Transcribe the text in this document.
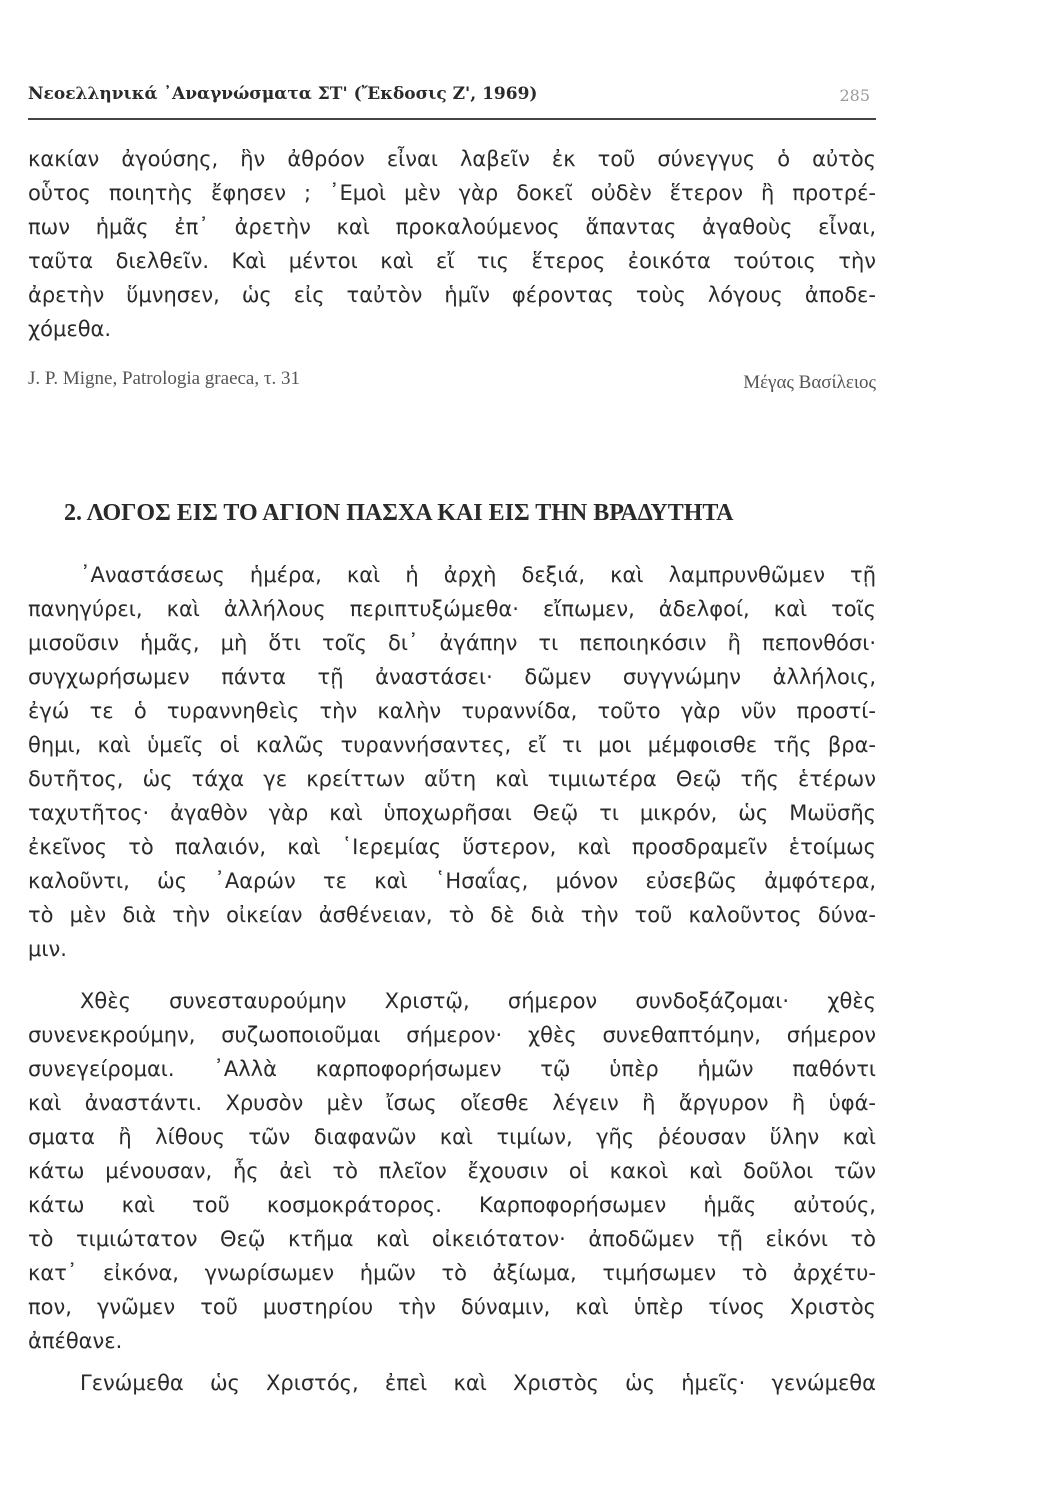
Νεοελληνικά ᾿Αναγνώσματα ΣΤ' (Ἔκδοσις Ζ', 1969)	285
κακίαν ἀγούσης, ἣν ἀθρόον εἶναι λαβεῖν ἐκ τοῦ σύνεγγυς ὁ αὐτὸς
οὗτος ποιητὴς ἔφησεν ; ᾿Εμοὶ μὲν γὰρ δοκεῖ οὐδὲν ἕτερον ἢ προτρέ-
πων ἡμᾶς ἐπ᾿ ἀρετὴν καὶ προκαλούμενος ἅπαντας ἀγαθοὺς εἶναι,
ταῦτα διελθεῖν. Καὶ μέντοι καὶ εἴ τις ἕτερος ἐοικότα τούτοις τὴν
ἀρετὴν ὕμνησεν, ὡς εἰς ταὐτὸν ἡμῖν φέροντας τοὺς λόγους ἀποδε-
χόμεθα.
J. P. Migne, Patrologia graeca, τ. 31	Μέγας Βασίλειος
2. ΛΟΓΟΣ ΕΙΣ ΤΟ ΑΓΙΟΝ ΠΑΣΧΑ ΚΑΙ ΕΙΣ ΤΗΝ ΒΡΑΔΥΤΗΤΑ
᾿Αναστάσεως ἡμέρα, καὶ ἡ ἀρχὴ δεξιά, καὶ λαμπρυνθῶμεν τῇ
πανηγύρει, καὶ ἀλλήλους περιπτυξώμεθα· εἴπωμεν, ἀδελφοί, καὶ τοῖς
μισοῦσιν ἡμᾶς, μὴ ὅτι τοῖς δι᾿ ἀγάπην τι πεποιηκόσιν ἢ πεπονθόσι·
συγχωρήσωμεν πάντα τῇ ἀναστάσει· δῶμεν συγγνώμην ἀλλήλοις,
ἐγώ τε ὁ τυραννηθεὶς τὴν καλὴν τυραννίδα, τοῦτο γὰρ νῦν προστί-
θημι, καὶ ὑμεῖς οἱ καλῶς τυραννήσαντες, εἴ τι μοι μέμφοισθε τῆς βρα-
δυτῆτος, ὡς τάχα γε κρείττων αὕτη καὶ τιμιωτέρα Θεῷ τῆς ἑτέρων
ταχυτῆτος· ἀγαθὸν γὰρ καὶ ὑποχωρῆσαι Θεῷ τι μικρόν, ὡς Μωϋσῆς
ἐκεῖνος τὸ παλαιόν, καὶ ῾Ιερεμίας ὕστερον, καὶ προσδραμεῖν ἑτοίμως
καλοῦντι, ὡς ᾿Ααρών τε καὶ ῾Ησαΐας, μόνον εὐσεβῶς ἀμφότερα,
τὸ μὲν διὰ τὴν οἰκείαν ἀσθένειαν, τὸ δὲ διὰ τὴν τοῦ καλοῦντος δύνα-
μιν.
Χθὲς συνεσταυρούμην Χριστῷ, σήμερον συνδοξάζομαι· χθὲς
συνενεκρούμην, συζωοποιοῦμαι σήμερον· χθὲς συνεθαπτόμην, σήμερον
συνεγείρομαι. ᾿Αλλὰ καρποφορήσωμεν τῷ ὑπὲρ ἡμῶν παθόντι
καὶ ἀναστάντι. Χρυσὸν μὲν ἴσως οἴεσθε λέγειν ἢ ἄργυρον ἢ ὑφά-
σματα ἢ λίθους τῶν διαφανῶν καὶ τιμίων, γῆς ῥέουσαν ὕλην καὶ
κάτω μένουσαν, ἧς ἀεὶ τὸ πλεῖον ἔχουσιν οἱ κακοὶ καὶ δοῦλοι τῶν
κάτω καὶ τοῦ κοσμοκράτορος. Καρποφορήσωμεν ἡμᾶς αὐτούς,
τὸ τιμιώτατον Θεῷ κτῆμα καὶ οἰκειότατον· ἀποδῶμεν τῇ εἰκόνι τὸ
κατ᾿ εἰκόνα, γνωρίσωμεν ἡμῶν τὸ ἀξίωμα, τιμήσωμεν τὸ ἀρχέτυ-
πον, γνῶμεν τοῦ μυστηρίου τὴν δύναμιν, καὶ ὑπὲρ τίνος Χριστὸς
ἀπέθανε.
Γενώμεθα ὡς Χριστός, ἐπεὶ καὶ Χριστὸς ὡς ἡμεῖς· γενώμεθα
